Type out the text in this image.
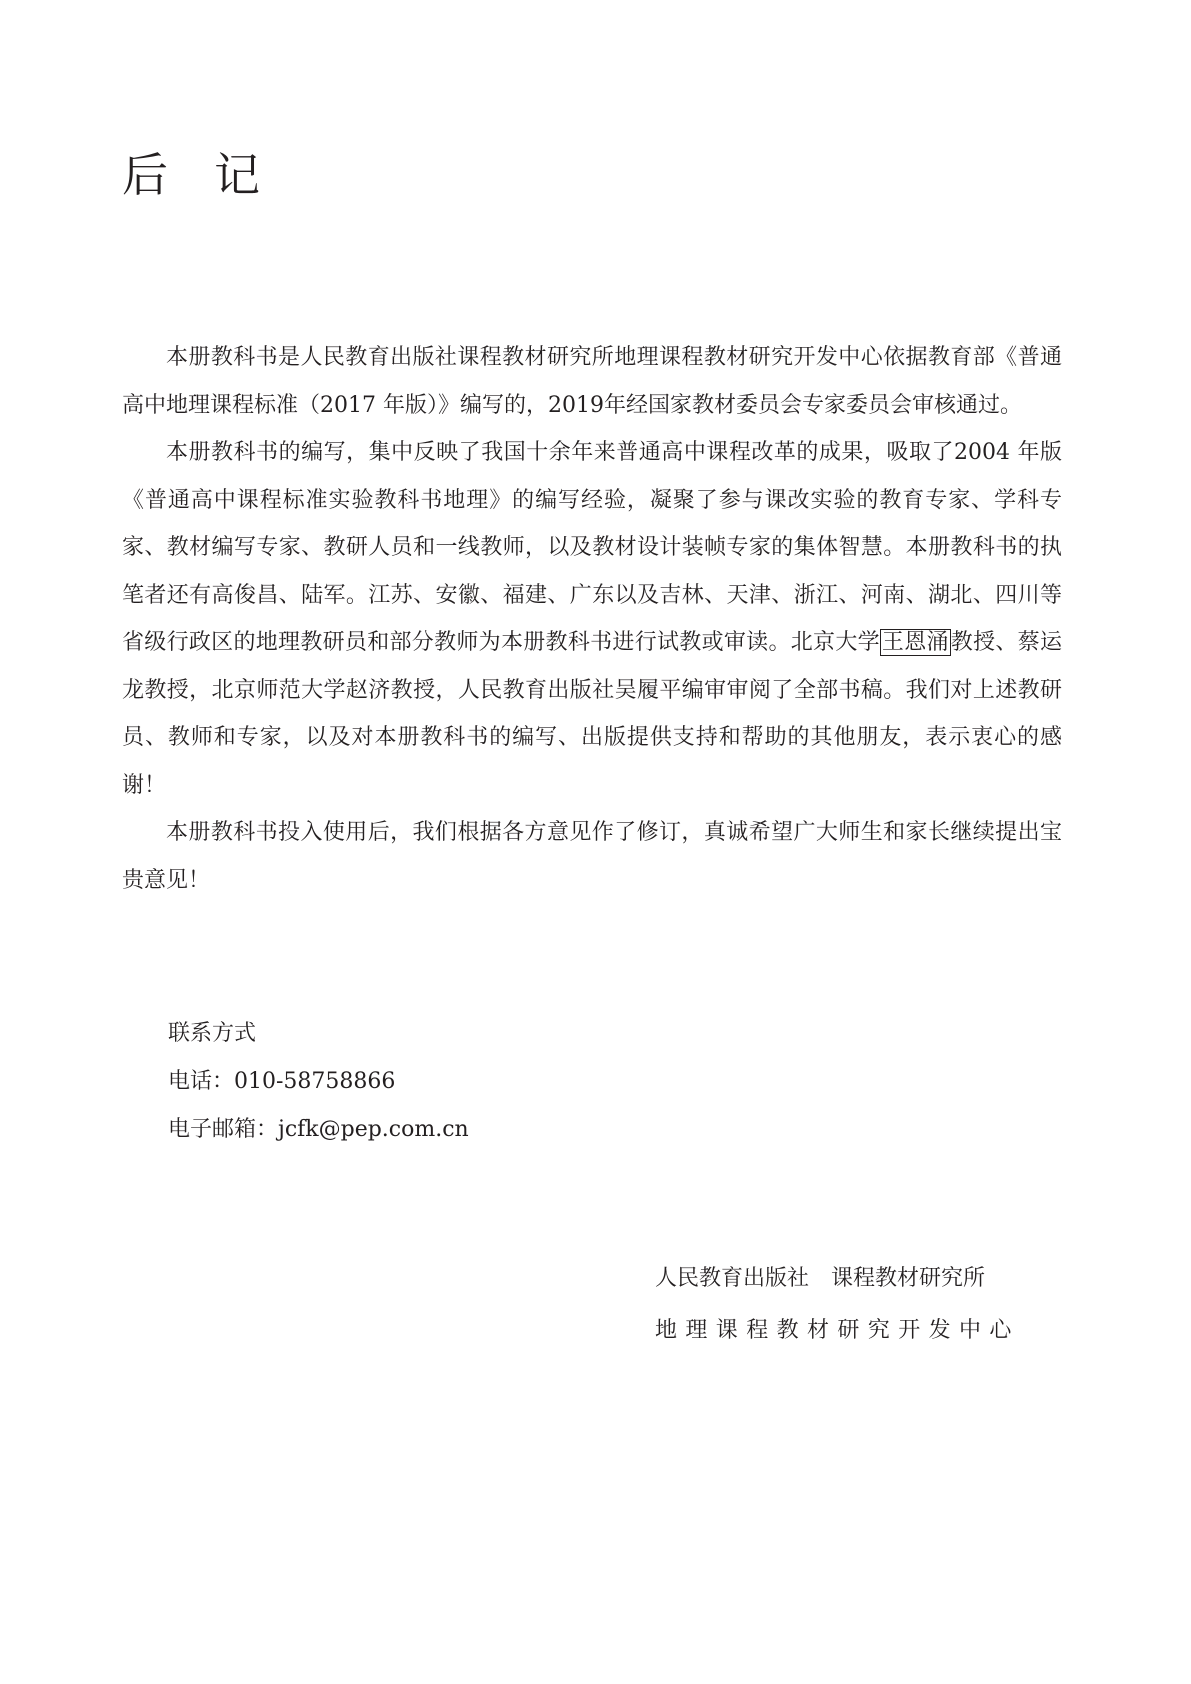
后 记

本册教科书是人民教育出版社课程教材研究所地理课程教材研究开发中心依据教育部《普通高中地理课程标准（2017 年版）》编写的，2019年经国家教材委员会专家委员会审核通过。

本册教科书的编写，集中反映了我国十余年来普通高中课程改革的成果，吸取了2004 年版《普通高中课程标准实验教科书地理》的编写经验，凝聚了参与课改实验的教育专家、学科专家、教材编写专家、教研人员和一线教师，以及教材设计装帧专家的集体智慧。本册教科书的执笔者还有高俊昌、陆军。江苏、安徽、福建、广东以及吉林、天津、浙江、河南、湖北、四川等省级行政区的地理教研员和部分教师为本册教科书进行试教或审读。北京大学王恩涌教授、蔡运龙教授，北京师范大学赵济教授，人民教育出版社吴履平编审审阅了全部书稿。我们对上述教研员、教师和专家，以及对本册教科书的编写、出版提供支持和帮助的其他朋友，表示衷心的感谢！

本册教科书投入使用后，我们根据各方意见作了修订，真诚希望广大师生和家长继续提出宝贵意见！

联系方式
电话：010-58758866
电子邮箱：jcfk@pep.com.cn
人民教育出版社 课程教材研究所
地理课程教材研究开发中心
